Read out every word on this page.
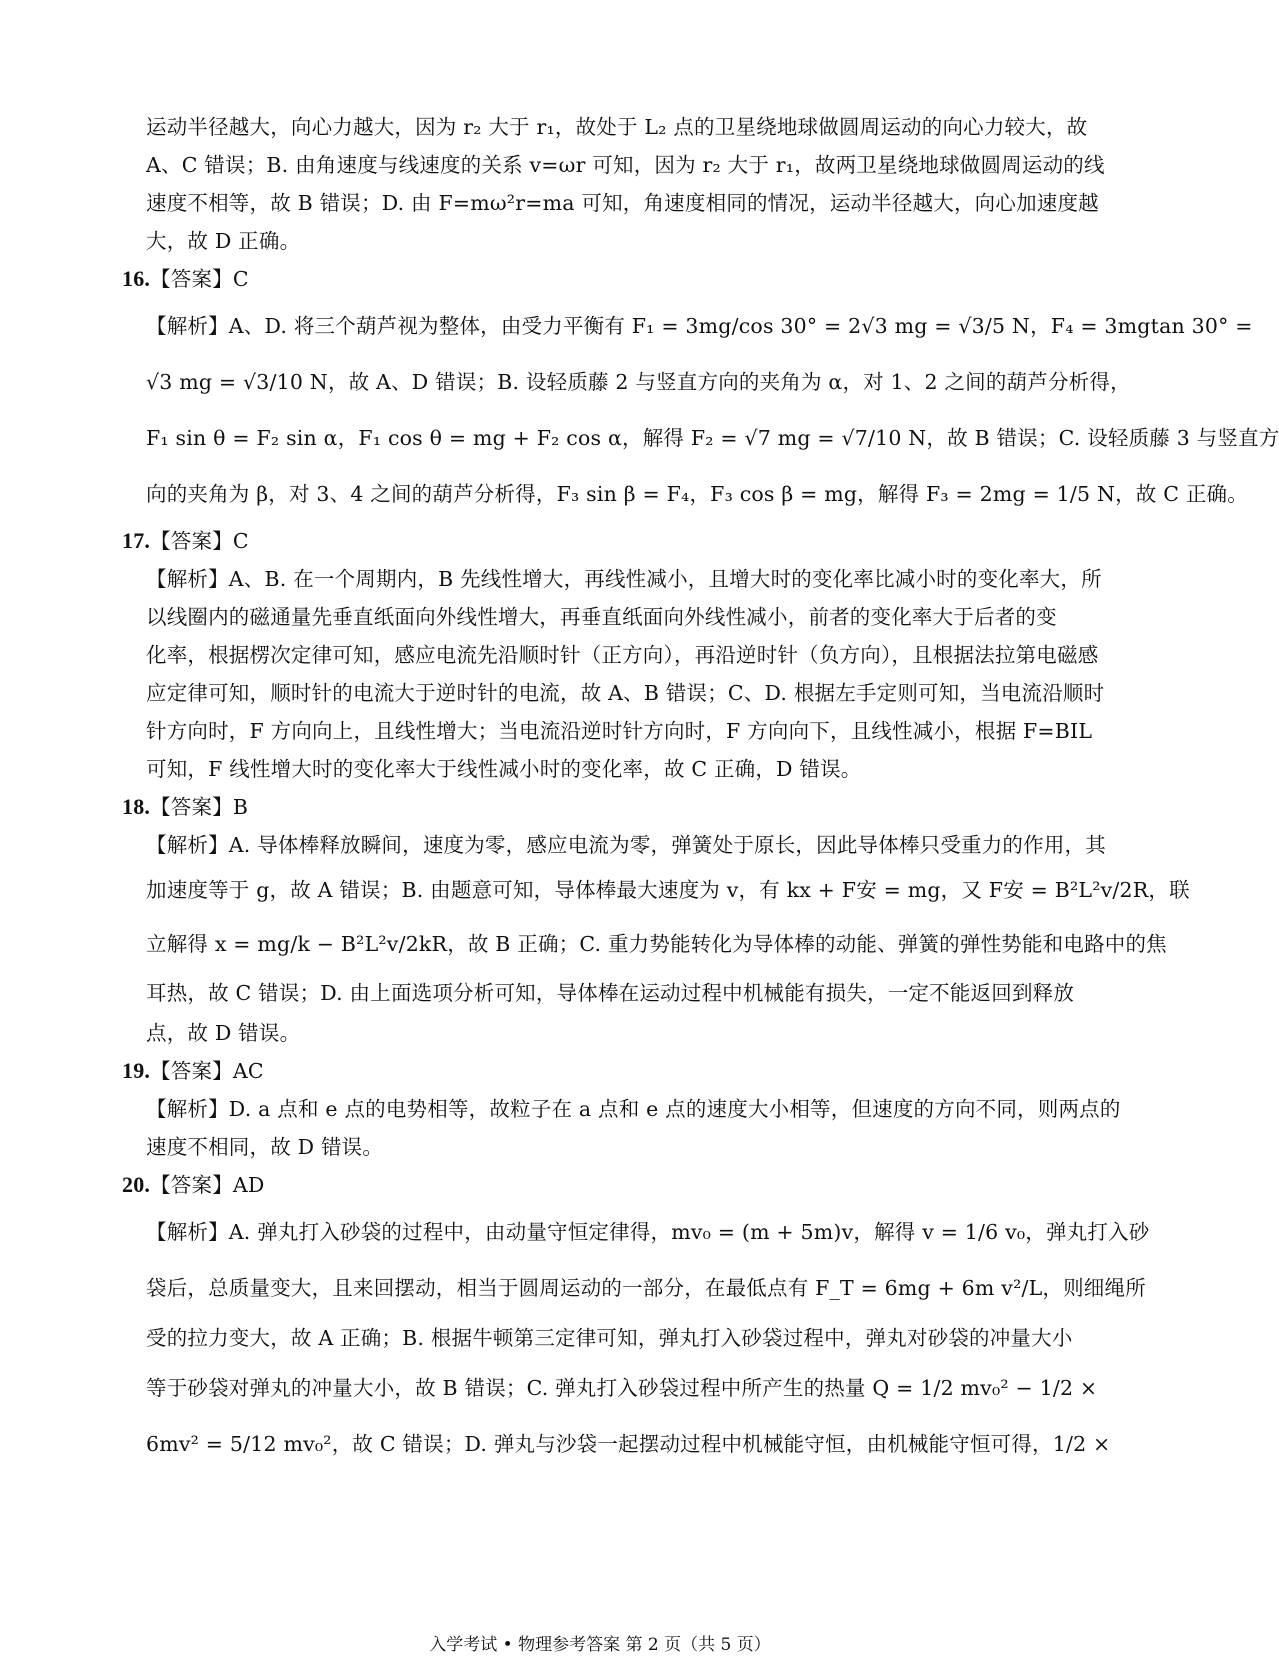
运动半径越大，向心力越大，因为 r₂ 大于 r₁，故处于 L₂ 点的卫星绕地球做圆周运动的向心力较大，故
A、C 错误；B. 由角速度与线速度的关系 v=ωr 可知，因为 r₂ 大于 r₁，故两卫星绕地球做圆周运动的线
速度不相等，故 B 错误；D. 由 F=mω²r=ma 可知，角速度相同的情况，运动半径越大，向心加速度越
大，故 D 正确。
16.【答案】C
【解析】A、D. 将三个葫芦视为整体，由受力平衡有 F₁ = 3mg/cos 30° = 2√3 mg = √3/5 N，F₄ = 3mgtan 30° =
√3 mg = √3/10 N，故 A、D 错误；B. 设轻质藤 2 与竖直方向的夹角为 α，对 1、2 之间的葫芦分析得，
F₁ sin θ = F₂ sin α，F₁ cos θ = mg + F₂ cos α，解得 F₂ = √7 mg = √7/10 N，故 B 错误；C. 设轻质藤 3 与竖直方
向的夹角为 β，对 3、4 之间的葫芦分析得，F₃ sin β = F₄，F₃ cos β = mg，解得 F₃ = 2mg = 1/5 N，故 C 正确。
17.【答案】C
【解析】A、B. 在一个周期内，B 先线性增大，再线性减小，且增大时的变化率比减小时的变化率大，所
以线圈内的磁通量先垂直纸面向外线性增大，再垂直纸面向外线性减小，前者的变化率大于后者的变
化率，根据楞次定律可知，感应电流先沿顺时针（正方向），再沿逆时针（负方向），且根据法拉第电磁感
应定律可知，顺时针的电流大于逆时针的电流，故 A、B 错误；C、D. 根据左手定则可知，当电流沿顺时
针方向时，F 方向向上，且线性增大；当电流沿逆时针方向时，F 方向向下，且线性减小，根据 F=BIL
可知，F 线性增大时的变化率大于线性减小时的变化率，故 C 正确，D 错误。
18.【答案】B
【解析】A. 导体棒释放瞬间，速度为零，感应电流为零，弹簧处于原长，因此导体棒只受重力的作用，其
加速度等于 g，故 A 错误；B. 由题意可知，导体棒最大速度为 v，有 kx + F安 = mg，又 F安 = B²L²v/2R，联
立解得 x = mg/k − B²L²v/2kR，故 B 正确；C. 重力势能转化为导体棒的动能、弹簧的弹性势能和电路中的焦
耳热，故 C 错误；D. 由上面选项分析可知，导体棒在运动过程中机械能有损失，一定不能返回到释放
点，故 D 错误。
19.【答案】AC
【解析】D. a 点和 e 点的电势相等，故粒子在 a 点和 e 点的速度大小相等，但速度的方向不同，则两点的
速度不相同，故 D 错误。
20.【答案】AD
【解析】A. 弹丸打入砂袋的过程中，由动量守恒定律得，mv₀ = (m + 5m)v，解得 v = 1/6 v₀，弹丸打入砂
袋后，总质量变大，且来回摆动，相当于圆周运动的一部分，在最低点有 F_T = 6mg + 6m v²/L，则细绳所
受的拉力变大，故 A 正确；B. 根据牛顿第三定律可知，弹丸打入砂袋过程中，弹丸对砂袋的冲量大小
等于砂袋对弹丸的冲量大小，故 B 错误；C. 弹丸打入砂袋过程中所产生的热量 Q = 1/2 mv₀² − 1/2 ×
6mv² = 5/12 mv₀²，故 C 错误；D. 弹丸与沙袋一起摆动过程中机械能守恒，由机械能守恒可得，1/2 ×
入学考试 • 物理参考答案 第 2 页（共 5 页）
